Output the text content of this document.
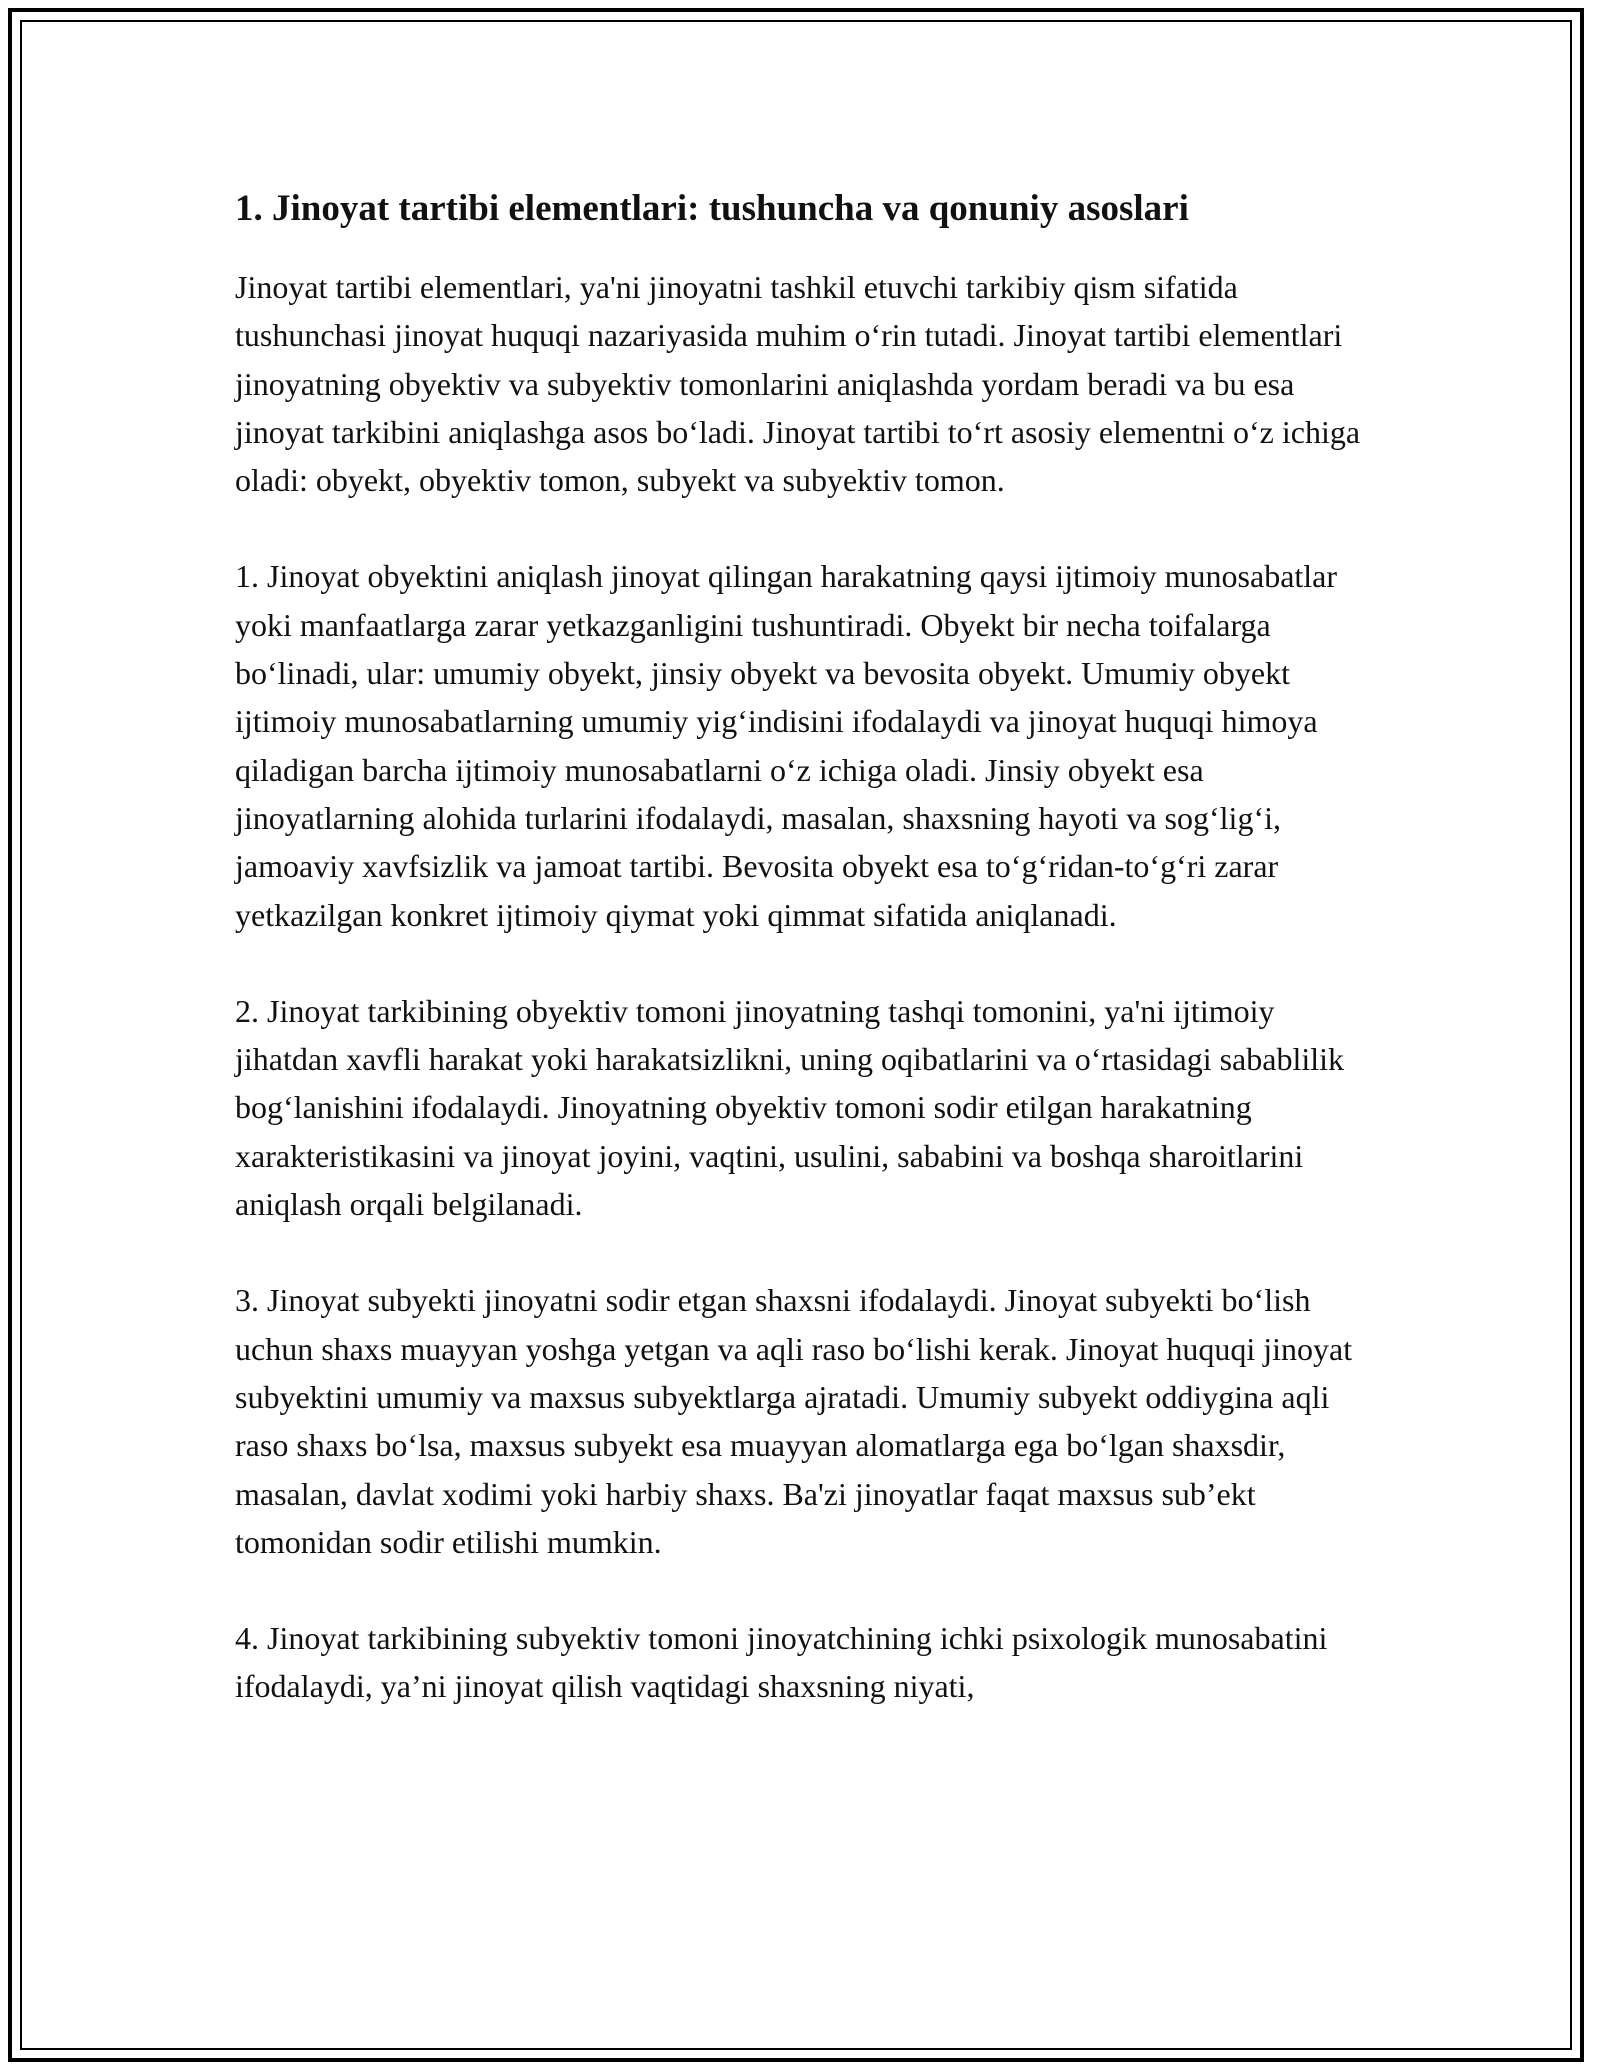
1. Jinoyat tartibi elementlari: tushuncha va qonuniy asoslari

Jinoyat tartibi elementlari, ya'ni jinoyatni tashkil etuvchi tarkibiy qism sifatida tushunchasi jinoyat huquqi nazariyasida muhim o‘rin tutadi. Jinoyat tartibi elementlari jinoyatning obyektiv va subyektiv tomonlarini aniqlashda yordam beradi va bu esa jinoyat tarkibini aniqlashga asos bo‘ladi. Jinoyat tartibi to‘rt asosiy elementni o‘z ichiga oladi: obyekt, obyektiv tomon, subyekt va subyektiv tomon.

1. Jinoyat obyektini aniqlash jinoyat qilingan harakatning qaysi ijtimoiy munosabatlar yoki manfaatlarga zarar yetkazganligini tushuntiradi. Obyekt bir necha toifalarga bo‘linadi, ular: umumiy obyekt, jinsiy obyekt va bevosita obyekt. Umumiy obyekt ijtimoiy munosabatlarning umumiy yig‘indisini ifodalaydi va jinoyat huquqi himoya qiladigan barcha ijtimoiy munosabatlarni o‘z ichiga oladi. Jinsiy obyekt esa jinoyatlarning alohida turlarini ifodalaydi, masalan, shaxsning hayoti va sog‘lig‘i, jamoaviy xavfsizlik va jamoat tartibi. Bevosita obyekt esa to‘g‘ridan-to‘g‘ri zarar yetkazilgan konkret ijtimoiy qiymat yoki qimmat sifatida aniqlanadi.

2. Jinoyat tarkibining obyektiv tomoni jinoyatning tashqi tomonini, ya'ni ijtimoiy jihatdan xavfli harakat yoki harakatsizlikni, uning oqibatlarini va o‘rtasidagi sabablilik bog‘lanishini ifodalaydi. Jinoyatning obyektiv tomoni sodir etilgan harakatning xarakteristikasini va jinoyat joyini, vaqtini, usulini, sababini va boshqa sharoitlarini aniqlash orqali belgilanadi.

3. Jinoyat subyekti jinoyatni sodir etgan shaxsni ifodalaydi. Jinoyat subyekti bo‘lish uchun shaxs muayyan yoshga yetgan va aqli raso bo‘lishi kerak. Jinoyat huquqi jinoyat subyektini umumiy va maxsus subyektlarga ajratadi. Umumiy subyekt oddiygina aqli raso shaxs bo‘lsa, maxsus subyekt esa muayyan alomatlarga ega bo‘lgan shaxsdir, masalan, davlat xodimi yoki harbiy shaxs. Ba'zi jinoyatlar faqat maxsus sub’ekt tomonidan sodir etilishi mumkin.

4. Jinoyat tarkibining subyektiv tomoni jinoyatchining ichki psixologik munosabatini ifodalaydi, ya’ni jinoyat qilish vaqtidagi shaxsning niyati,
